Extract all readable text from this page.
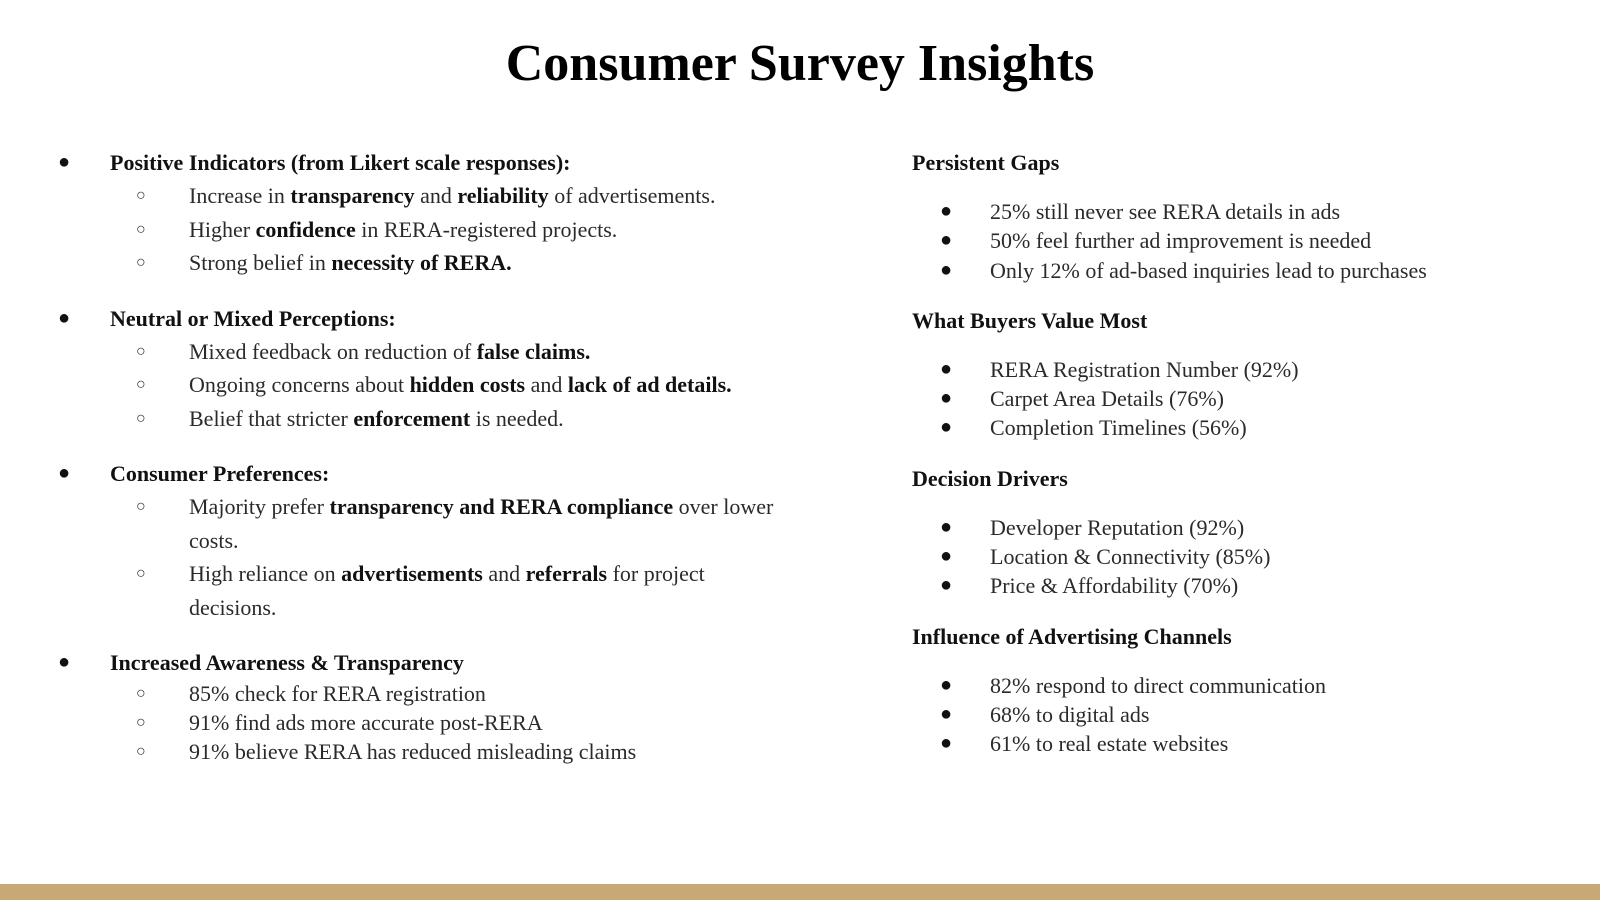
Consumer Survey Insights
● Positive Indicators (from Likert scale responses):
○ Increase in transparency and reliability of advertisements.
○ Higher confidence in RERA-registered projects.
○ Strong belief in necessity of RERA.
● Neutral or Mixed Perceptions:
○ Mixed feedback on reduction of false claims.
○ Ongoing concerns about hidden costs and lack of ad details.
○ Belief that stricter enforcement is needed.
● Consumer Preferences:
○ Majority prefer transparency and RERA compliance over lower costs.
○ High reliance on advertisements and referrals for project decisions.
● Increased Awareness & Transparency
○ 85% check for RERA registration
○ 91% find ads more accurate post-RERA
○ 91% believe RERA has reduced misleading claims
Persistent Gaps
● 25% still never see RERA details in ads
● 50% feel further ad improvement is needed
● Only 12% of ad-based inquiries lead to purchases
What Buyers Value Most
● RERA Registration Number (92%)
● Carpet Area Details (76%)
● Completion Timelines (56%)
Decision Drivers
● Developer Reputation (92%)
● Location & Connectivity (85%)
● Price & Affordability (70%)
Influence of Advertising Channels
● 82% respond to direct communication
● 68% to digital ads
● 61% to real estate websites
